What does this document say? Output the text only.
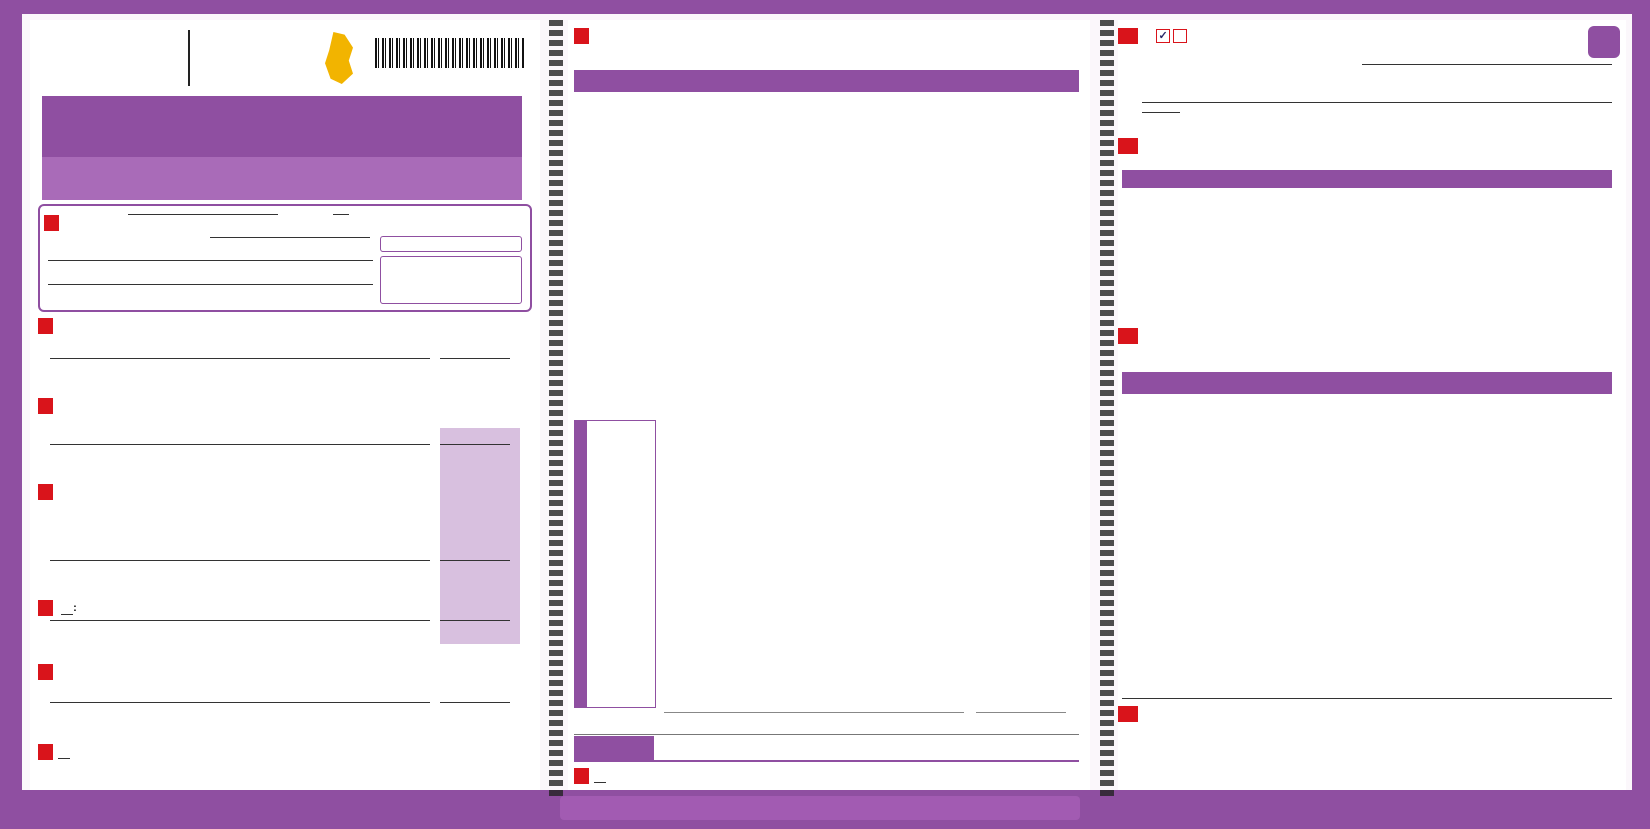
:
✓
